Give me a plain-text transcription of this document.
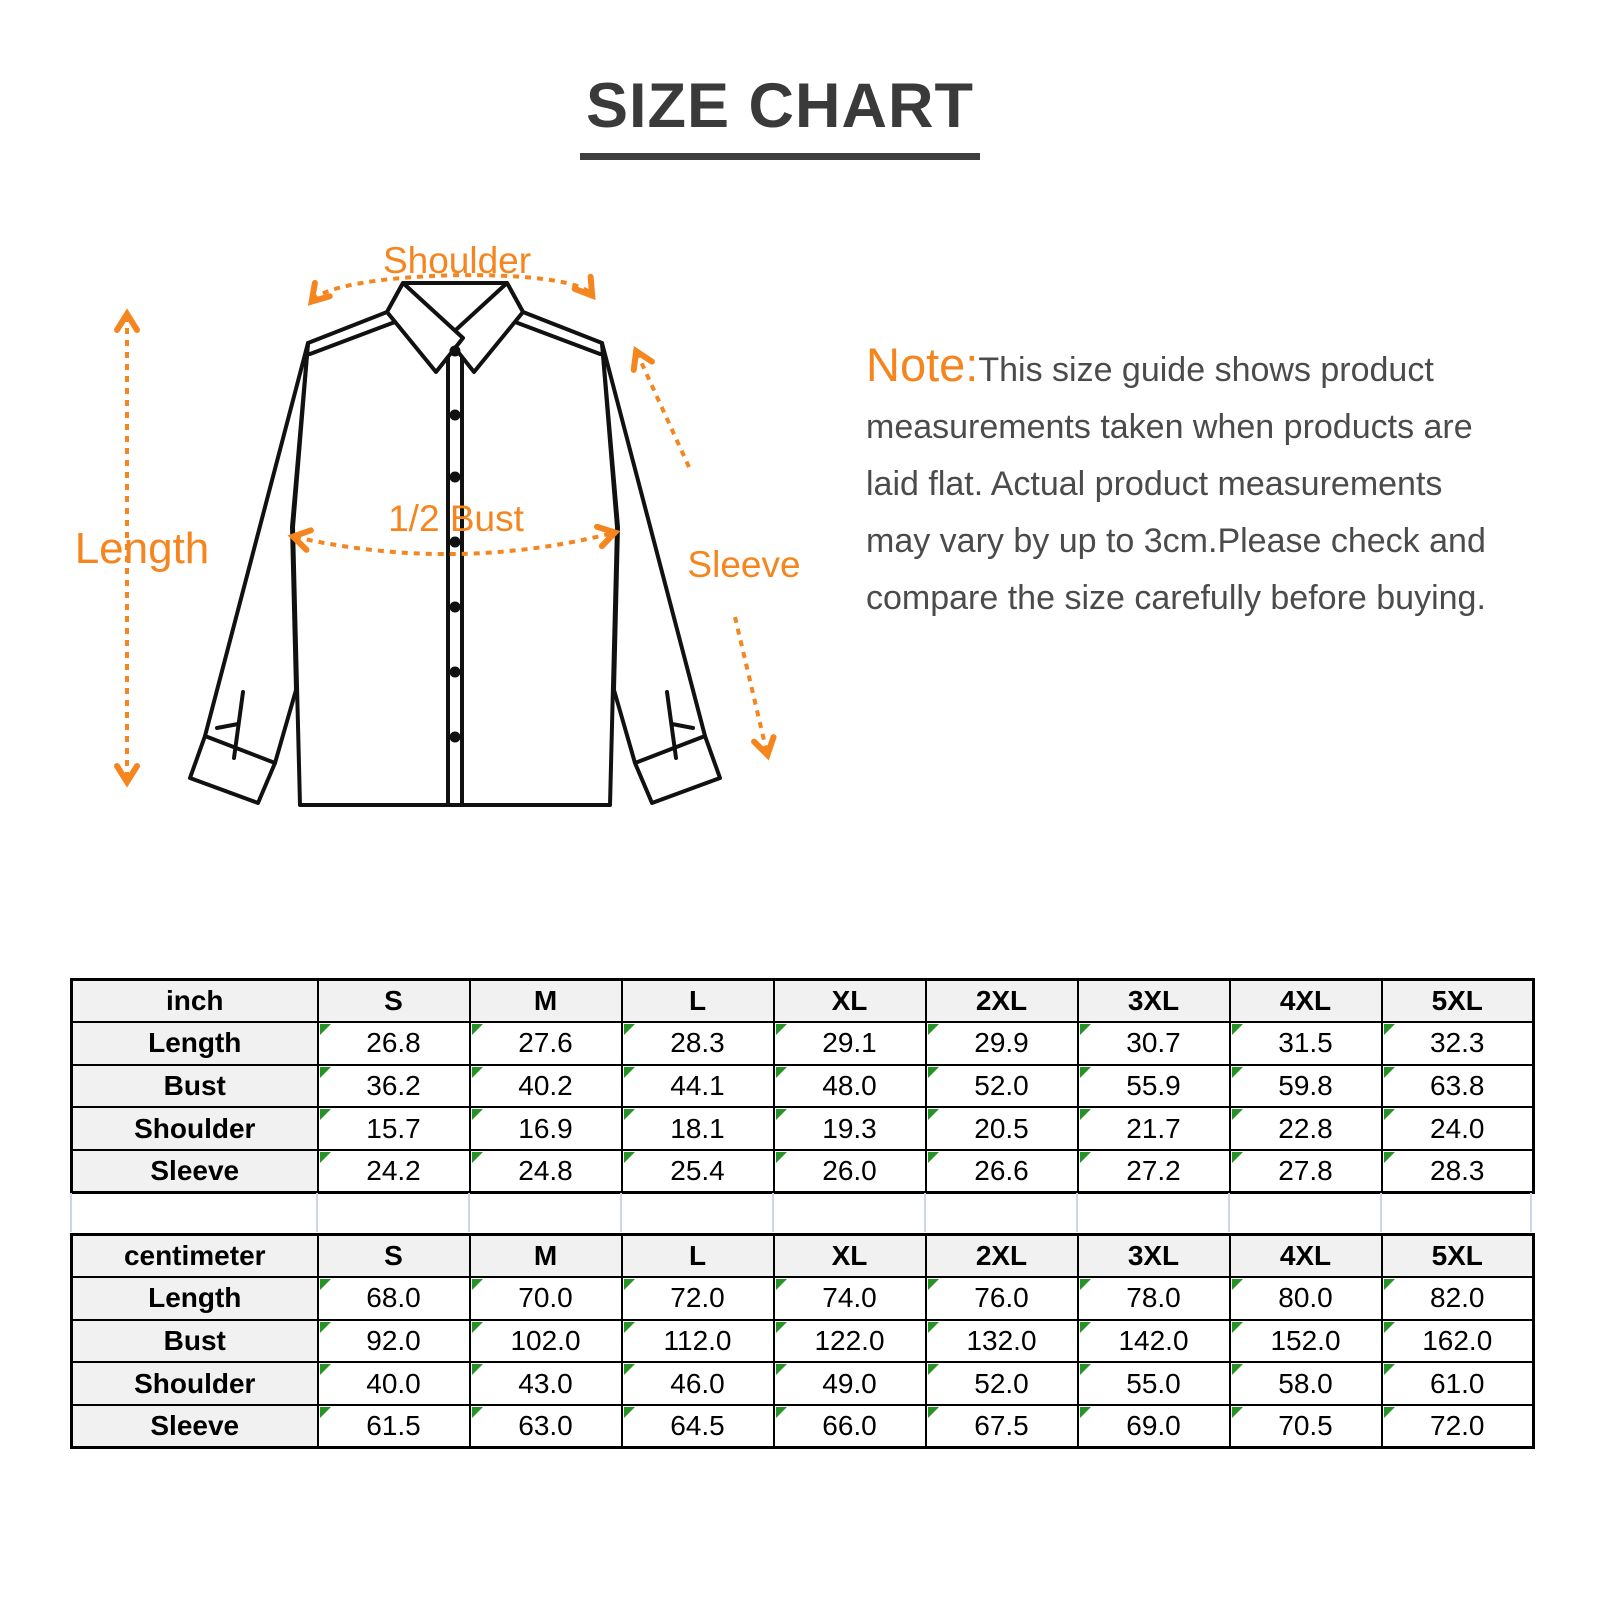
SIZE CHART
Shoulder
Length
1/2 Bust
Sleeve
Note:This size guide shows product measurements taken when products are laid flat. Actual product measurements may vary by up to 3cm.Please check and compare the size carefully before buying.
inch	S	M	L	XL	2XL	3XL	4XL	5XL
Length	26.8	27.6	28.3	29.1	29.9	30.7	31.5	32.3
Bust	36.2	40.2	44.1	48.0	52.0	55.9	59.8	63.8
Shoulder	15.7	16.9	18.1	19.3	20.5	21.7	22.8	24.0
Sleeve	24.2	24.8	25.4	26.0	26.6	27.2	27.8	28.3
centimeter	S	M	L	XL	2XL	3XL	4XL	5XL
Length	68.0	70.0	72.0	74.0	76.0	78.0	80.0	82.0
Bust	92.0	102.0	112.0	122.0	132.0	142.0	152.0	162.0
Shoulder	40.0	43.0	46.0	49.0	52.0	55.0	58.0	61.0
Sleeve	61.5	63.0	64.5	66.0	67.5	69.0	70.5	72.0
